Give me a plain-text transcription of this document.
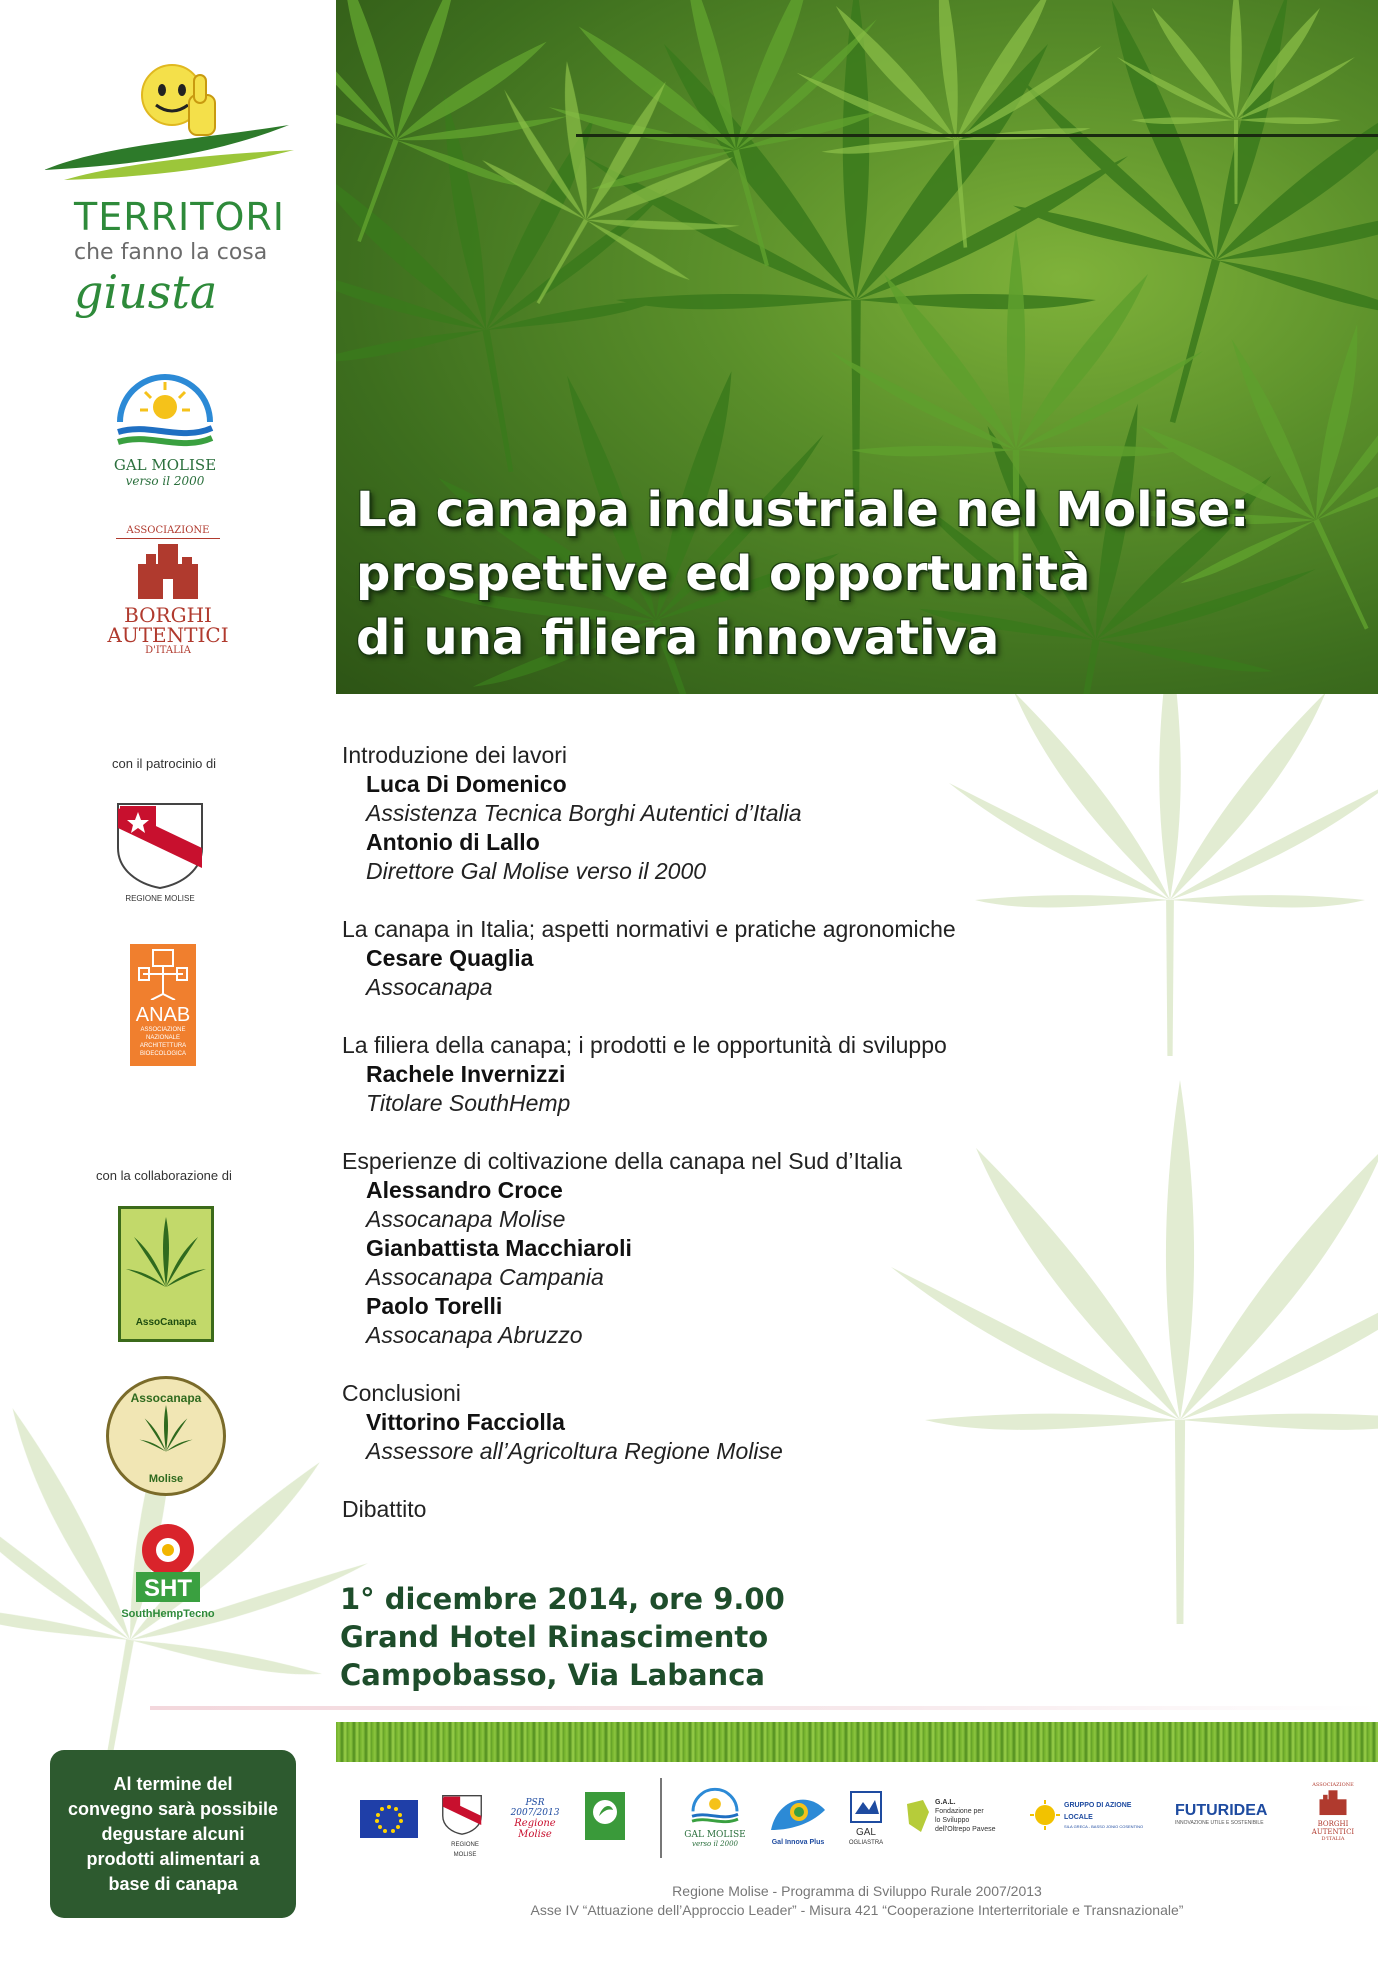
TERRITORI
che fanno la cosa
giusta
GAL MOLISE
verso il 2000
ASSOCIAZIONE
BORGHI
AUTENTICI
D'ITALIA
con il patrocinio di
REGIONE MOLISE
ANAB
ASSOCIAZIONE
NAZIONALE
ARCHITETTURA
BIOECOLOGICA
con la collaborazione di
AssoCanapa
Assocanapa
Molise
SHT
SouthHempTecno
La canapa industriale nel Molise:
prospettive ed opportunità
di una filiera innovativa
Introduzione dei lavori
Luca Di Domenico
Assistenza Tecnica Borghi Autentici d’Italia
Antonio di Lallo
Direttore Gal Molise verso il 2000
La canapa in Italia; aspetti normativi e pratiche agronomiche
Cesare Quaglia
Assocanapa
La filiera della canapa; i prodotti e le opportunità di sviluppo
Rachele Invernizzi
Titolare SouthHemp
Esperienze di coltivazione della canapa nel Sud d’Italia
Alessandro Croce
Assocanapa Molise
Gianbattista Macchiaroli
Assocanapa Campania
Paolo Torelli
Assocanapa Abruzzo
Conclusioni
Vittorino Facciolla
Assessore all’Agricoltura Regione Molise
Dibattito
1° dicembre 2014, ore 9.00
Grand Hotel Rinascimento
Campobasso, Via Labanca
Al termine del
convegno sarà possibile
degustare alcuni
prodotti alimentari a
base di canapa
REGIONE MOLISE
PSR 2007/2013
Regione Molise	GAL MOLISE
verso il 2000	Gal Innova Plus
GAL
OGLIASTRA
G.A.L.
Fondazione per
lo Sviluppo
dell'Oltrepo Pavese
GRUPPO DI AZIONE LOCALE
SILA GRECA - BASSO JONIO COSENTINO
FUTURIDEA
INNOVAZIONE UTILE E SOSTENIBILE
ASSOCIAZIONE
BORGHI AUTENTICI
D'ITALIA
Regione Molise - Programma di Sviluppo Rurale 2007/2013
Asse IV “Attuazione dell’Approccio Leader” - Misura 421 “Cooperazione Interterritoriale e Transnazionale”
